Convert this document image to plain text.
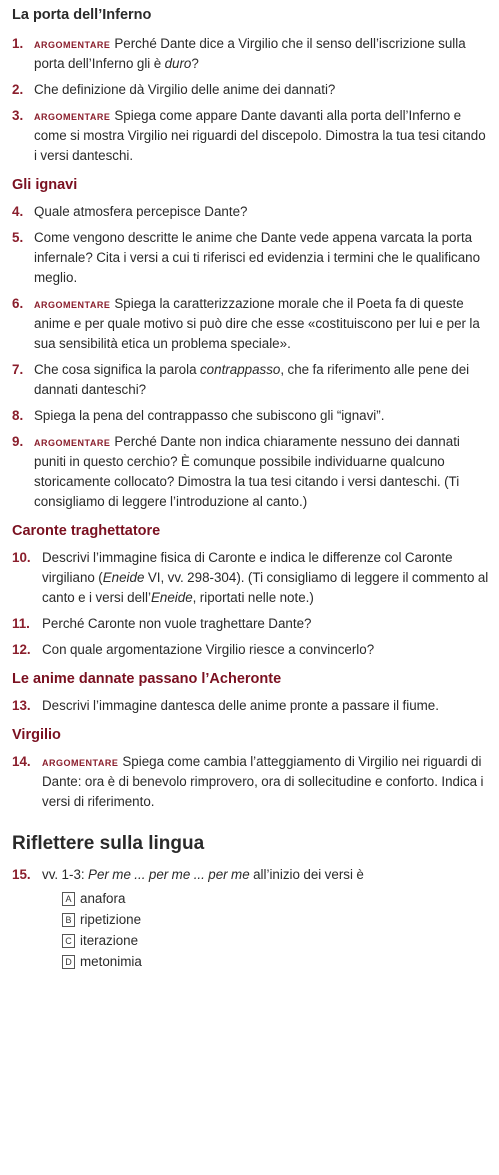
La porta dell’Inferno
1. argomentare Perché Dante dice a Virgilio che il senso dell’iscrizione sulla porta dell’Inferno gli è duro?
2. Che definizione dà Virgilio delle anime dei dannati?
3. argomentare Spiega come appare Dante davanti alla porta dell’Inferno e come si mostra Virgilio nei riguardi del discepolo. Dimostra la tua tesi citando i versi danteschi.
Gli ignavi
4. Quale atmosfera percepisce Dante?
5. Come vengono descritte le anime che Dante vede appena varcata la porta infernale? Cita i versi a cui ti riferisci ed evidenzia i termini che le qualificano meglio.
6. argomentare Spiega la caratterizzazione morale che il Poeta fa di queste anime e per quale motivo si può dire che esse «costituiscono per lui e per la sua sensibilità etica un problema speciale».
7. Che cosa significa la parola contrappasso, che fa riferimento alle pene dei dannati danteschi?
8. Spiega la pena del contrappasso che subiscono gli “ignavi”.
9. argomentare Perché Dante non indica chiaramente nessuno dei dannati puniti in questo cerchio? È comunque possibile individuarne qualcuno storicamente collocato? Dimostra la tua tesi citando i versi danteschi. (Ti consigliamo di leggere l’introduzione al canto.)
Caronte traghettatore
10. Descrivi l’immagine fisica di Caronte e indica le differenze col Caronte virgiliano (Eneide VI, vv. 298-304). (Ti consigliamo di leggere il commento al canto e i versi dell’Eneide, riportati nelle note.)
11. Perché Caronte non vuole traghettare Dante?
12. Con quale argomentazione Virgilio riesce a convincerlo?
Le anime dannate passano l’Acheronte
13. Descrivi l’immagine dantesca delle anime pronte a passare il fiume.
Virgilio
14. argomentare Spiega come cambia l’atteggiamento di Virgilio nei riguardi di Dante: ora è di benevolo rimprovero, ora di sollecitudine e conforto. Indica i versi di riferimento.
Riflettere sulla lingua
15. vv. 1-3: Per me ... per me ... per me all’inizio dei versi è
A anafora
B ripetizione
C iterazione
D metonimia
